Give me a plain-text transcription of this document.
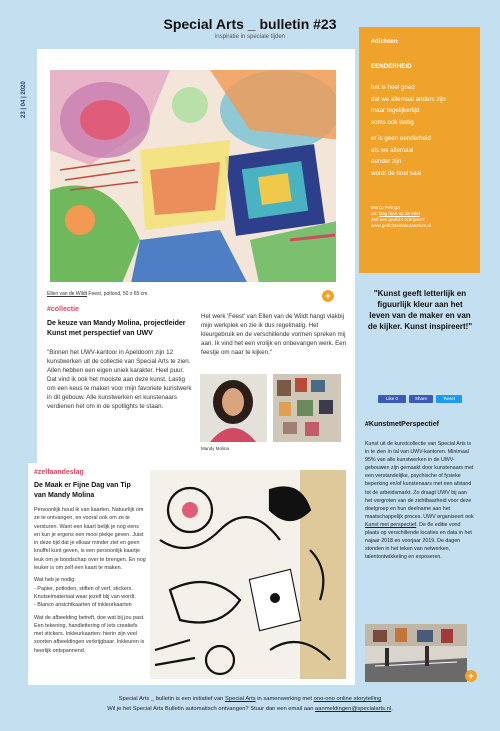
Special Arts _ bulletin #23
inspiratie in speciale tijden
23 | 04 | 2020
Ellen van de Wildt Feest, potlood, 50 x 65 cm	+
#collectie
De keuze van Mandy Molina, projectleider Kunst met perspectief van UWV
"Binnen het UWV-kantoor in Apeldoorn zijn 12 kunstwerken uit de collectie van Special Arts te zien. Allen hebben een eigen uniek karakter. Heel puur. Dat vind ik ook het mooiste aan deze kunst. Lastig om een keus te maken voor mijn favoriete kunstwerk in dit gebouw. Alle kunstwerken en kunstenaars verdienen het om in de spotlights te staan.
Het werk 'Feest' van Ellen van de Wildt hangt vlakbij mijn werkplek en zie ik dus regelmatig. Het kleurgebruik en de verschillende vormen spreken mij aan. Ik vind het een vrolijk en onbevangen werk. Een feestje om naar te kijken."
Mandy Molina
#dichten
EENDERHEID
het is heel goed
dat we allemaal anders zijn
maar tegelijkertijd
soms ook lastig
er is geen eenderheid
als we allemaal
eender zijn
wordt de boel saai
Marco Pelinga
Uit: Dag faart op de tafel
Zelf een gedicht schrijven?
www.gedichtenlaboratorium.nl
"Kunst geeft letterlijk en figuurlijk kleur aan het leven van de maker en van de kijker. Kunst inspireert!"
Like 0	Share	Tweet
#KunstmetPerspectief
Kunst uit de kunstcollectie van Special Arts is in te zien in tal van UWV-kantoren. Minimaal 95% van alle kunstwerken in de UWV-gebouwen zijn gemaakt door kunstenaars met een verstandelijke, psychische of fysieke beperking en/of kunstenaars met een afstand tot de arbeidsmarkt. Zo draagt UWV bij aan het vergroten van de zichtbaarheid voor deze doelgroep en hun deelname aan het maatschappelijk proces. UWV organiseert ook Kunst met perspectief. De 8e editie vond plaats op verschillende locaties en data in het najaar 2018 en voorjaar 2019. De dagen stonden in het teken van netwerken, talentontwikkeling en exposeren.
+
#zelfaandeslag
De Maak er Fijne Dag van Tip van Mandy Molina
Persoonlijk houd ik van kaarten. Natuurlijk om ze te ontvangen, en vooral ook om ze te versturen. Want een kaart belijk je nog eens en kun je ergens een mooi plekje geven. Juist in deze tijd dat je elkaar minder ziet en geen knuffel kunt geven, is een persoonlijk kaartje leuk om je boodschap over te brengen. En nog leuker is om zelf een kaart te maken.
Wat heb je nodig:
- Papier, potloden, stiften of verf, stickers. Knutselmateriaal waar jezelf blij van wordt.
- Blanco ansichtkaarten of inkleurkaarten
Wat de afbeelding betreft, doe wat bij jou past. Een tekening, handlettering of iets creatiefs met stickers. Inkleurkaarten: hierin zijn veel soorten afbeeldingen verkrijgbaar. Inkleuren is heerlijk ontspannend.
Special Arts _ bulletin is een initiatief van Special Arts in samenwerking met ono-ono online storytelling
Wil je het Special Arts Bulletin automatisch ontvangen? Stuur dan een email aan aanmeldingen@specialarts.nl.
